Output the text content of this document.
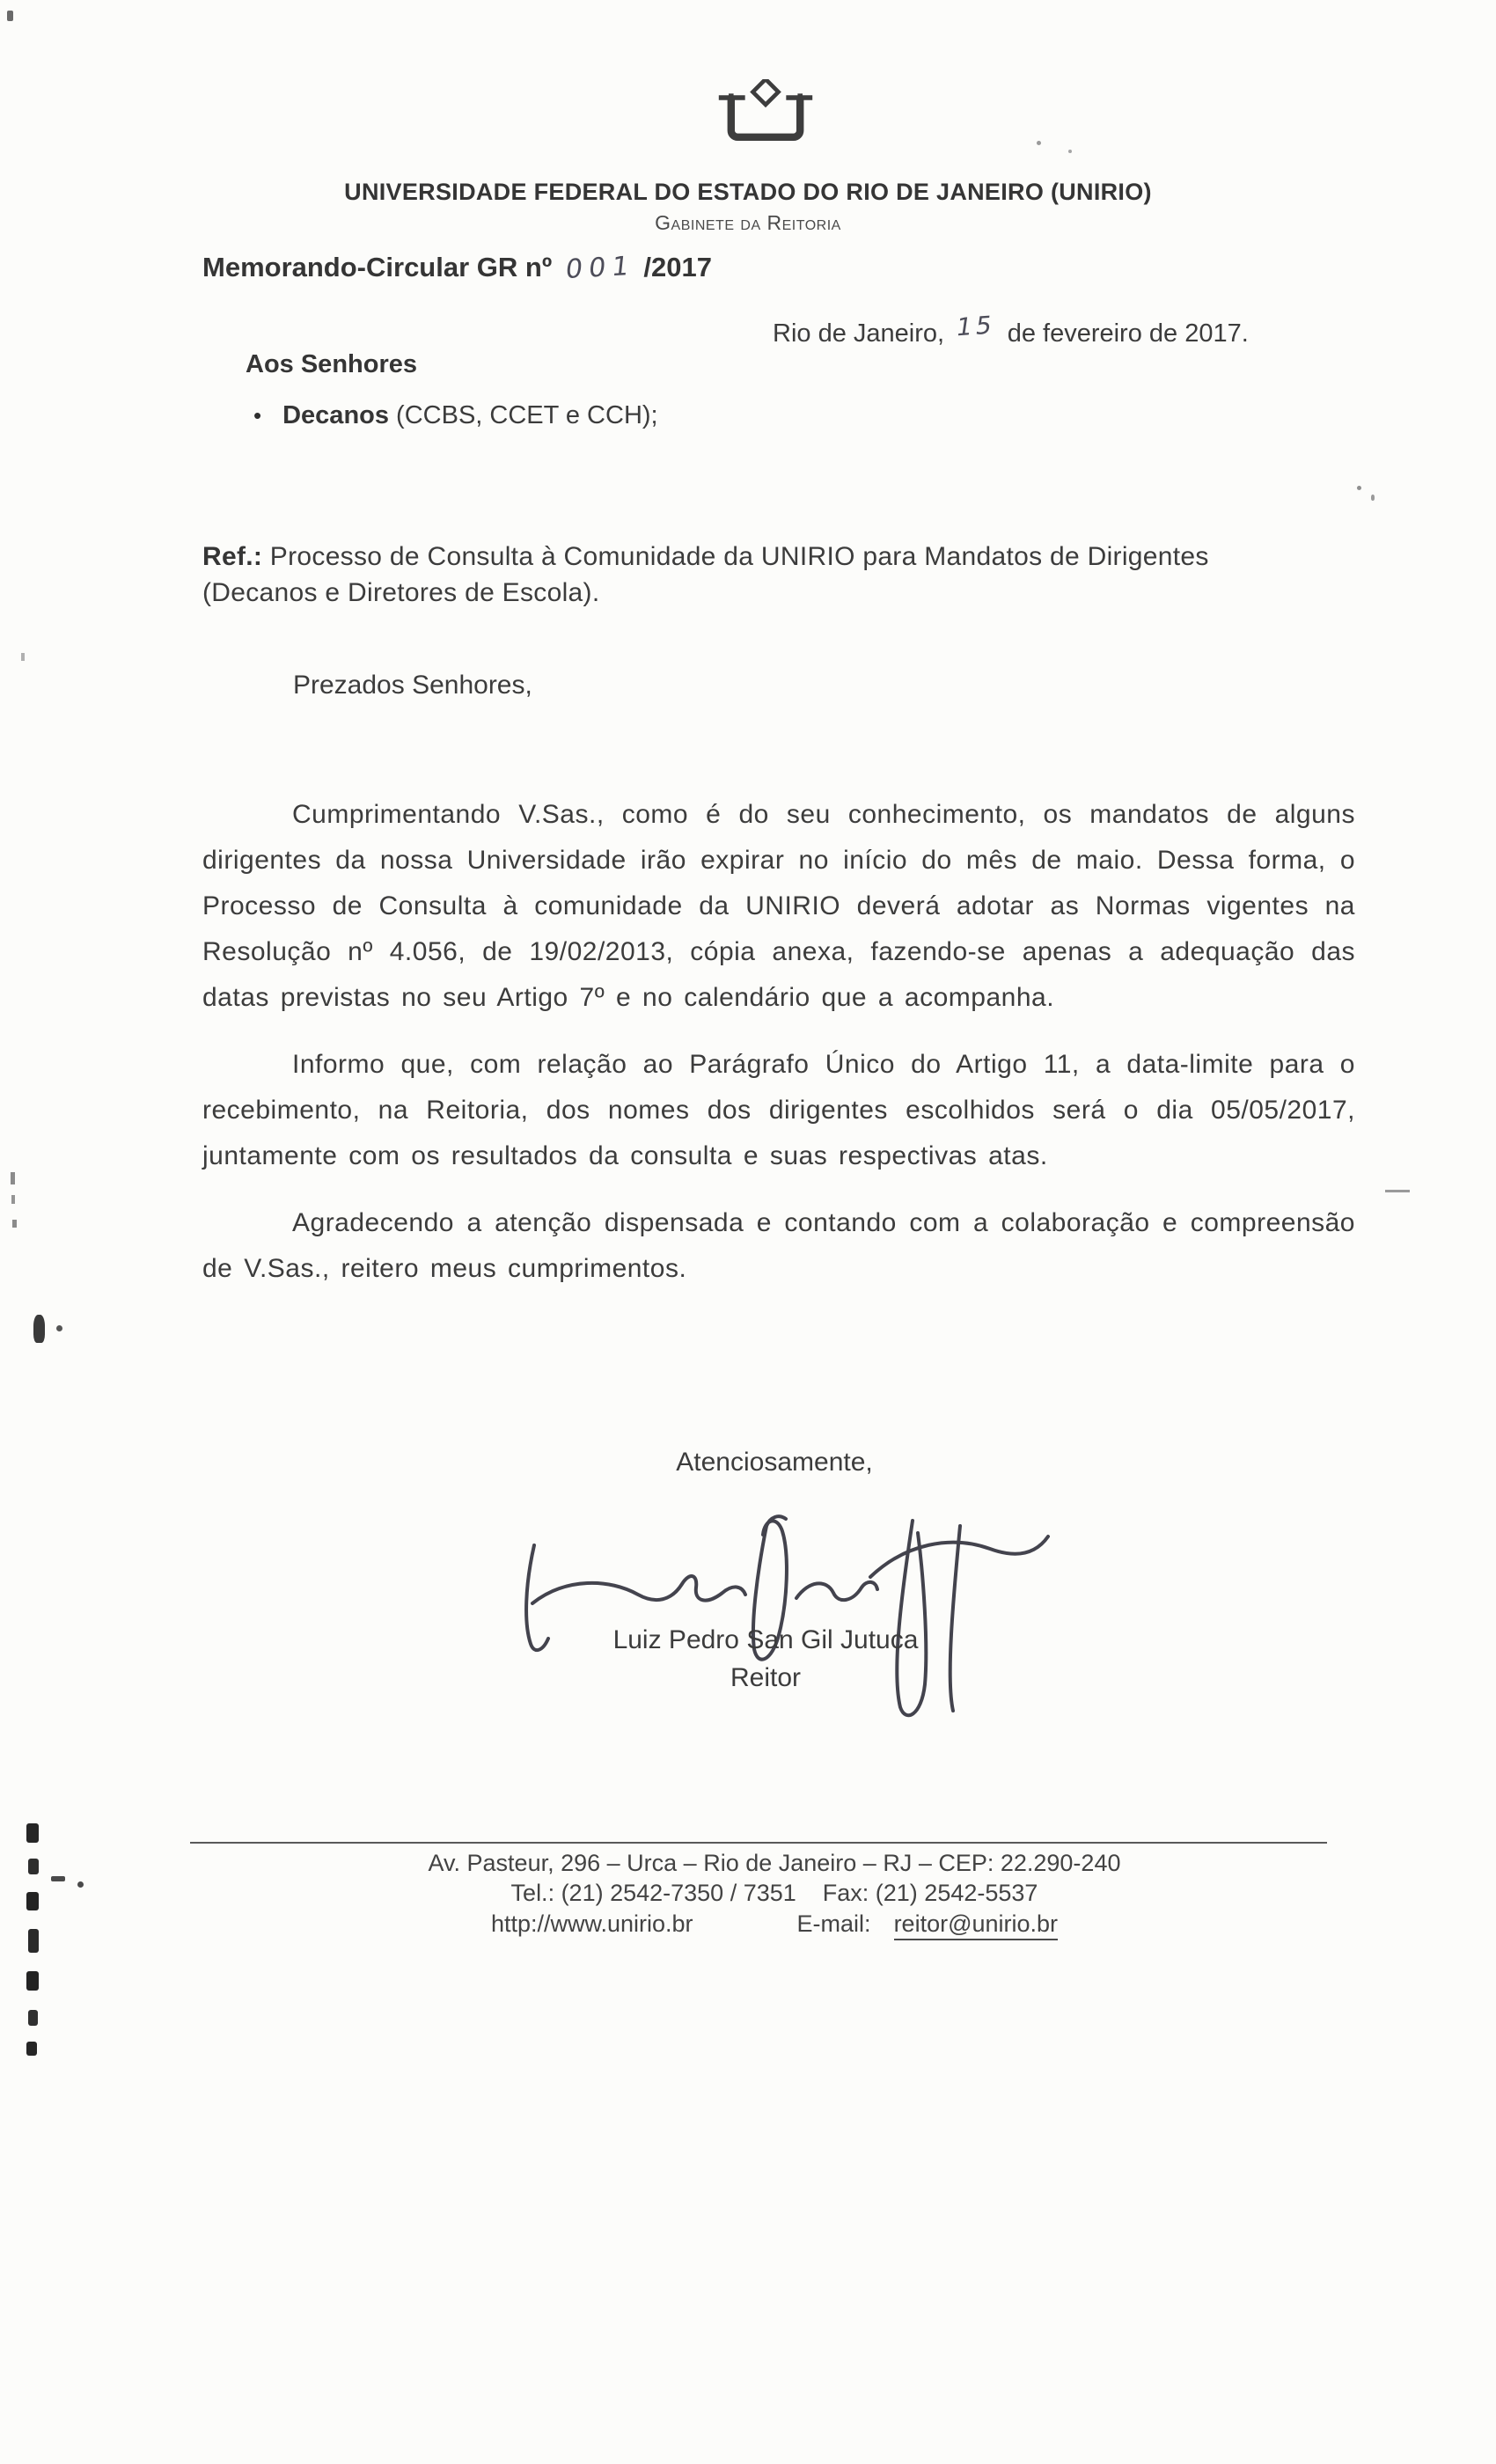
UNIVERSIDADE FEDERAL DO ESTADO DO RIO DE JANEIRO (UNIRIO)
Gabinete da Reitoria
Memorando-Circular GR nº 001 /2017
Rio de Janeiro, 15 de fevereiro de 2017.
Aos Senhores
• Decanos (CCBS, CCET e CCH);
Ref.: Processo de Consulta à Comunidade da UNIRIO para Mandatos de Dirigentes
(Decanos e Diretores de Escola).
Prezados Senhores,

Cumprimentando V.Sas., como é do seu conhecimento, os mandatos de alguns dirigentes da nossa Universidade irão expirar no início do mês de maio. Dessa forma, o Processo de Consulta à comunidade da UNIRIO deverá adotar as Normas vigentes na Resolução nº 4.056, de 19/02/2013, cópia anexa, fazendo-se apenas a adequação das datas previstas no seu Artigo 7º e no calendário que a acompanha.

Informo que, com relação ao Parágrafo Único do Artigo 11, a data-limite para o recebimento, na Reitoria, dos nomes dos dirigentes escolhidos será o dia 05/05/2017, juntamente com os resultados da consulta e suas respectivas atas.

Agradecendo a atenção dispensada e contando com a colaboração e compreensão de V.Sas., reitero meus cumprimentos.

Atenciosamente,
Luiz Pedro San Gil Jutuca
Reitor
Av. Pasteur, 296 – Urca – Rio de Janeiro – RJ – CEP: 22.290-240
Tel.: (21) 2542-7350 / 7351    Fax: (21) 2542-5537
http://www.unirio.br	E-mail: reitor@unirio.br
